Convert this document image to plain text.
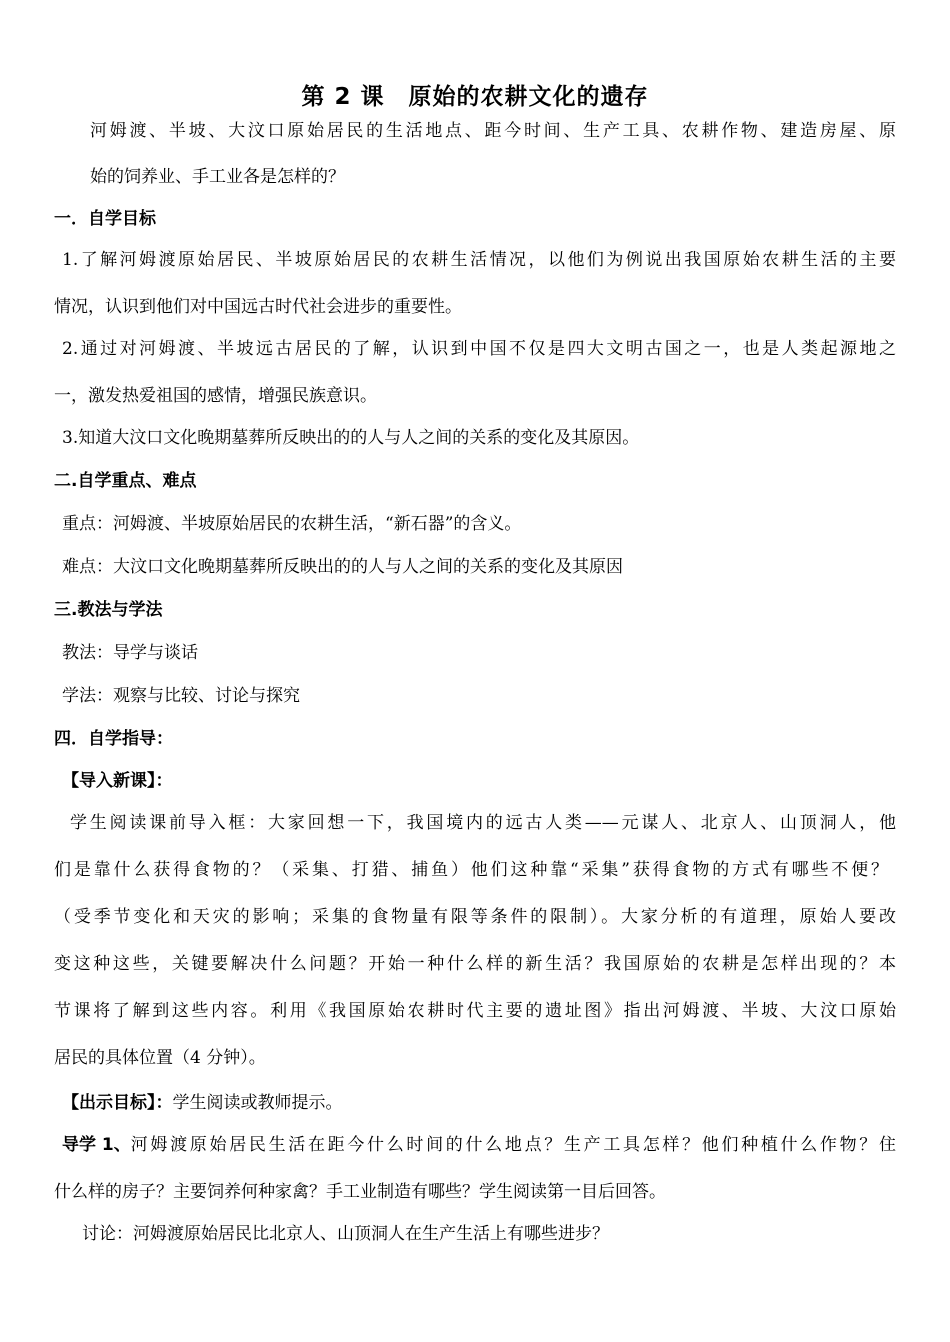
第 2 课　原始的农耕文化的遗存
河姆渡、半坡、大汶口原始居民的生活地点、距今时间、生产工具、农耕作物、建造房屋、原
始的饲养业、手工业各是怎样的？
一．自学目标
1.了解河姆渡原始居民、半坡原始居民的农耕生活情况，以他们为例说出我国原始农耕生活的主要
情况，认识到他们对中国远古时代社会进步的重要性。
2.通过对河姆渡、半坡远古居民的了解，认识到中国不仅是四大文明古国之一，也是人类起源地之
一，激发热爱祖国的感情，增强民族意识。
3.知道大汶口文化晚期墓葬所反映出的的人与人之间的关系的变化及其原因。
二.自学重点、难点
重点：河姆渡、半坡原始居民的农耕生活，“新石器”的含义。
难点：大汶口文化晚期墓葬所反映出的的人与人之间的关系的变化及其原因
三.教法与学法
教法：导学与谈话
学法：观察与比较、讨论与探究
四．自学指导：
【导入新课】：
学生阅读课前导入框：大家回想一下，我国境内的远古人类——元谋人、北京人、山顶洞人，他
们是靠什么获得食物的？（采集、打猎、捕鱼）他们这种靠“采集”获得食物的方式有哪些不便？
（受季节变化和天灾的影响；采集的食物量有限等条件的限制）。大家分析的有道理，原始人要改
变这种这些，关键要解决什么问题？开始一种什么样的新生活？我国原始的农耕是怎样出现的？本
节课将了解到这些内容。利用《我国原始农耕时代主要的遗址图》指出河姆渡、半坡、大汶口原始
居民的具体位置（4 分钟）。
【出示目标】：学生阅读或教师提示。
导学 1、 河姆渡原始居民生活在距今什么时间的什么地点？生产工具怎样？他们种植什么作物？住
什么样的房子？主要饲养何种家禽？手工业制造有哪些？学生阅读第一目后回答。
讨论：河姆渡原始居民比北京人、山顶洞人在生产生活上有哪些进步？
